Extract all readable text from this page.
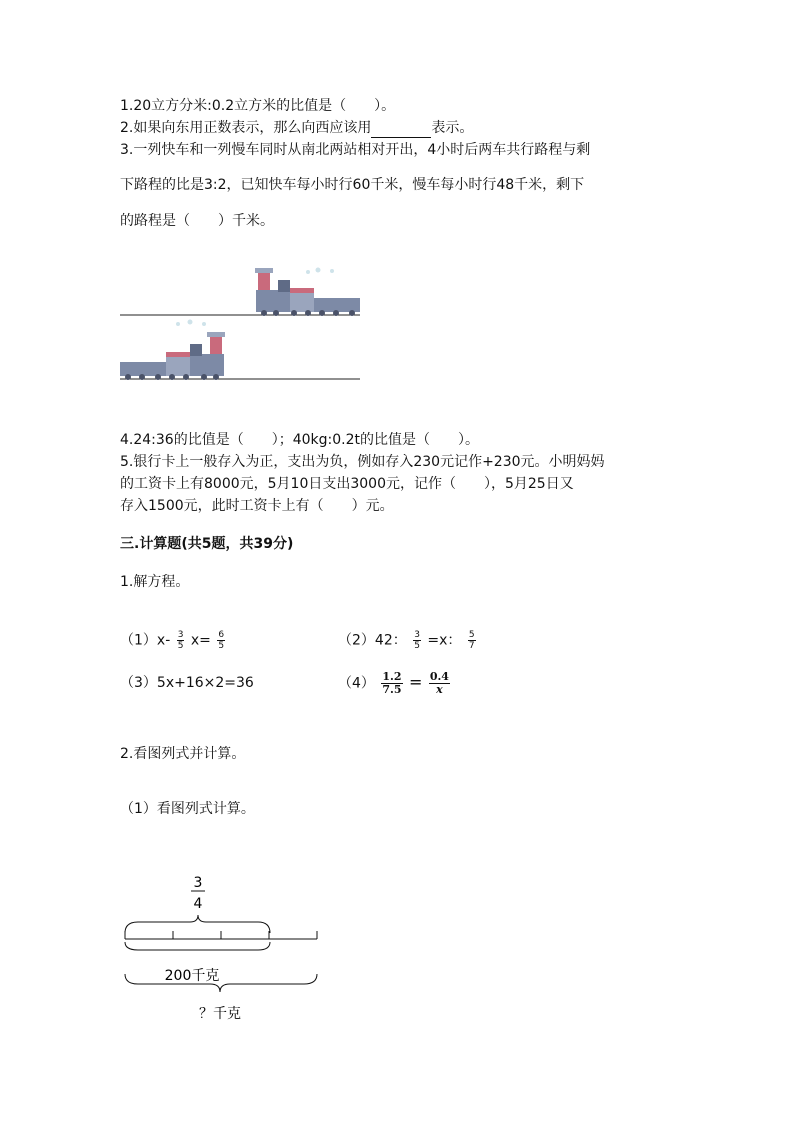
1.20立方分米:0.2立方米的比值是（　　）。
2.如果向东用正数表示，那么向西应该用	表示。
3.一列快车和一列慢车同时从南北两站相对开出，4小时后两车共行路程与剩
下路程的比是3:2，已知快车每小时行60千米，慢车每小时行48千米，剩下
的路程是（　　）千米。
4.24:36的比值是（　　）；40kg:0.2t的比值是（　　）。
5.银行卡上一般存入为正，支出为负，例如存入230元记作+230元。小明妈妈
的工资卡上有8000元，5月10日支出3000元，记作（　　），5月25日又
存入1500元，此时工资卡上有（　　）元。
三.计算题(共5题，共39分)
1.解方程。
$(1)x- \frac{3}{5} x= \frac{6}{5}$	（2）42： $\frac{3}{5} =x$： $\frac{5}{7}$
（3）5x+16×2=36	$(4) \frac{1.2}{7.5} = \frac{0.4}{x}$
2.看图列式并计算。
（1）看图列式计算。
3
4
200千克
？千克
